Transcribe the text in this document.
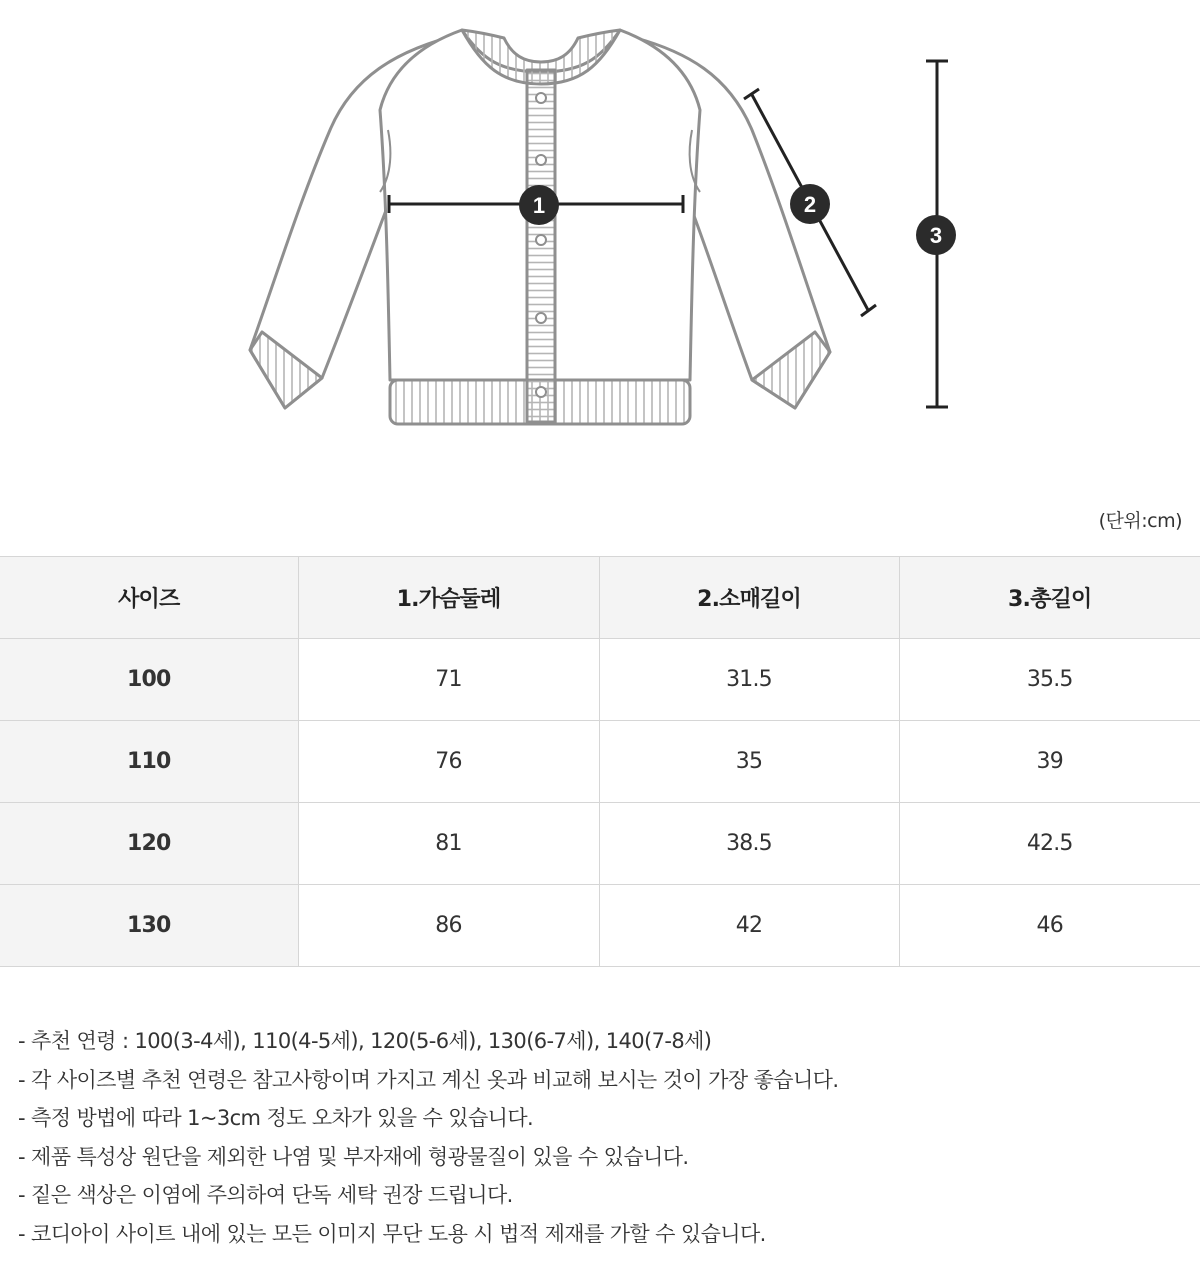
1	2
3
(단위:cm)
사이즈	1.가슴둘레	2.소매길이	3.총길이
100	71	31.5	35.5
110	76	35	39
120	81	38.5	42.5
130	86	42	46
- 추천 연령 : 100(3-4세), 110(4-5세), 120(5-6세), 130(6-7세), 140(7-8세)
- 각 사이즈별 추천 연령은 참고사항이며 가지고 계신 옷과 비교해 보시는 것이 가장 좋습니다.
- 측정 방법에 따라 1~3cm 정도 오차가 있을 수 있습니다.
- 제품 특성상 원단을 제외한 나염 및 부자재에 형광물질이 있을 수 있습니다.
- 짙은 색상은 이염에 주의하여 단독 세탁 권장 드립니다.
- 코디아이 사이트 내에 있는 모든 이미지 무단 도용 시 법적 제재를 가할 수 있습니다.
